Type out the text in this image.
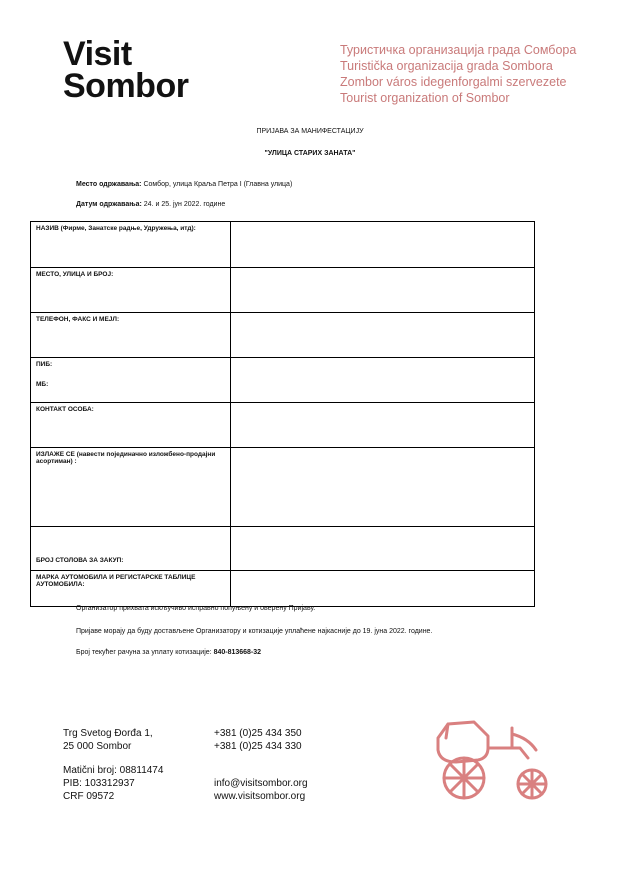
Visit
Sombor
Туристичка организација града Сомбора
Turistička organizacija grada Sombora
Zombor város idegenforgalmi szervezete
Tourist organization of Sombor
ПРИЈАВА ЗА МАНИФЕСТАЦИЈУ
"УЛИЦА СТАРИХ ЗАНАТА"
Место одржавања: Сомбор, улица Краља Петра I (Главна улица)
Датум одржавања: 24. и 25. јун 2022. године
НАЗИВ (Фирме, Занатске радње, Удружења, итд):	
МЕСТО, УЛИЦА И БРОЈ:	
ТЕЛЕФОН, ФАКС И МЕЈЛ:	

ПИБ:
МБ:	

КОНТАКТ ОСОБА:	
ИЗЛАЖЕ СЕ (навести појединачно изложбено-продајни асортиман) :	
БРОЈ СТОЛОВА ЗА ЗАКУП:	
МАРКА АУТОМОБИЛА И РЕГИСТАРСКЕ ТАБЛИЦЕ АУТОМОБИЛА:	
Организатор прихвата искључиво исправно попуњену и оверену Пријаву.
Пријаве морају да буду достављене Организатору и котизације уплаћене најкасније до 19. јуна 2022. године.
Број текућег рачуна за уплату котизације: 840-813668-32
Trg Svetog Đorđa 1,
25 000 Sombor
+381 (0)25 434 350
+381 (0)25 434 330
Matični broj: 08811474
PIB: 103312937
CRF 09572
info@visitsombor.org
www.visitsombor.org
